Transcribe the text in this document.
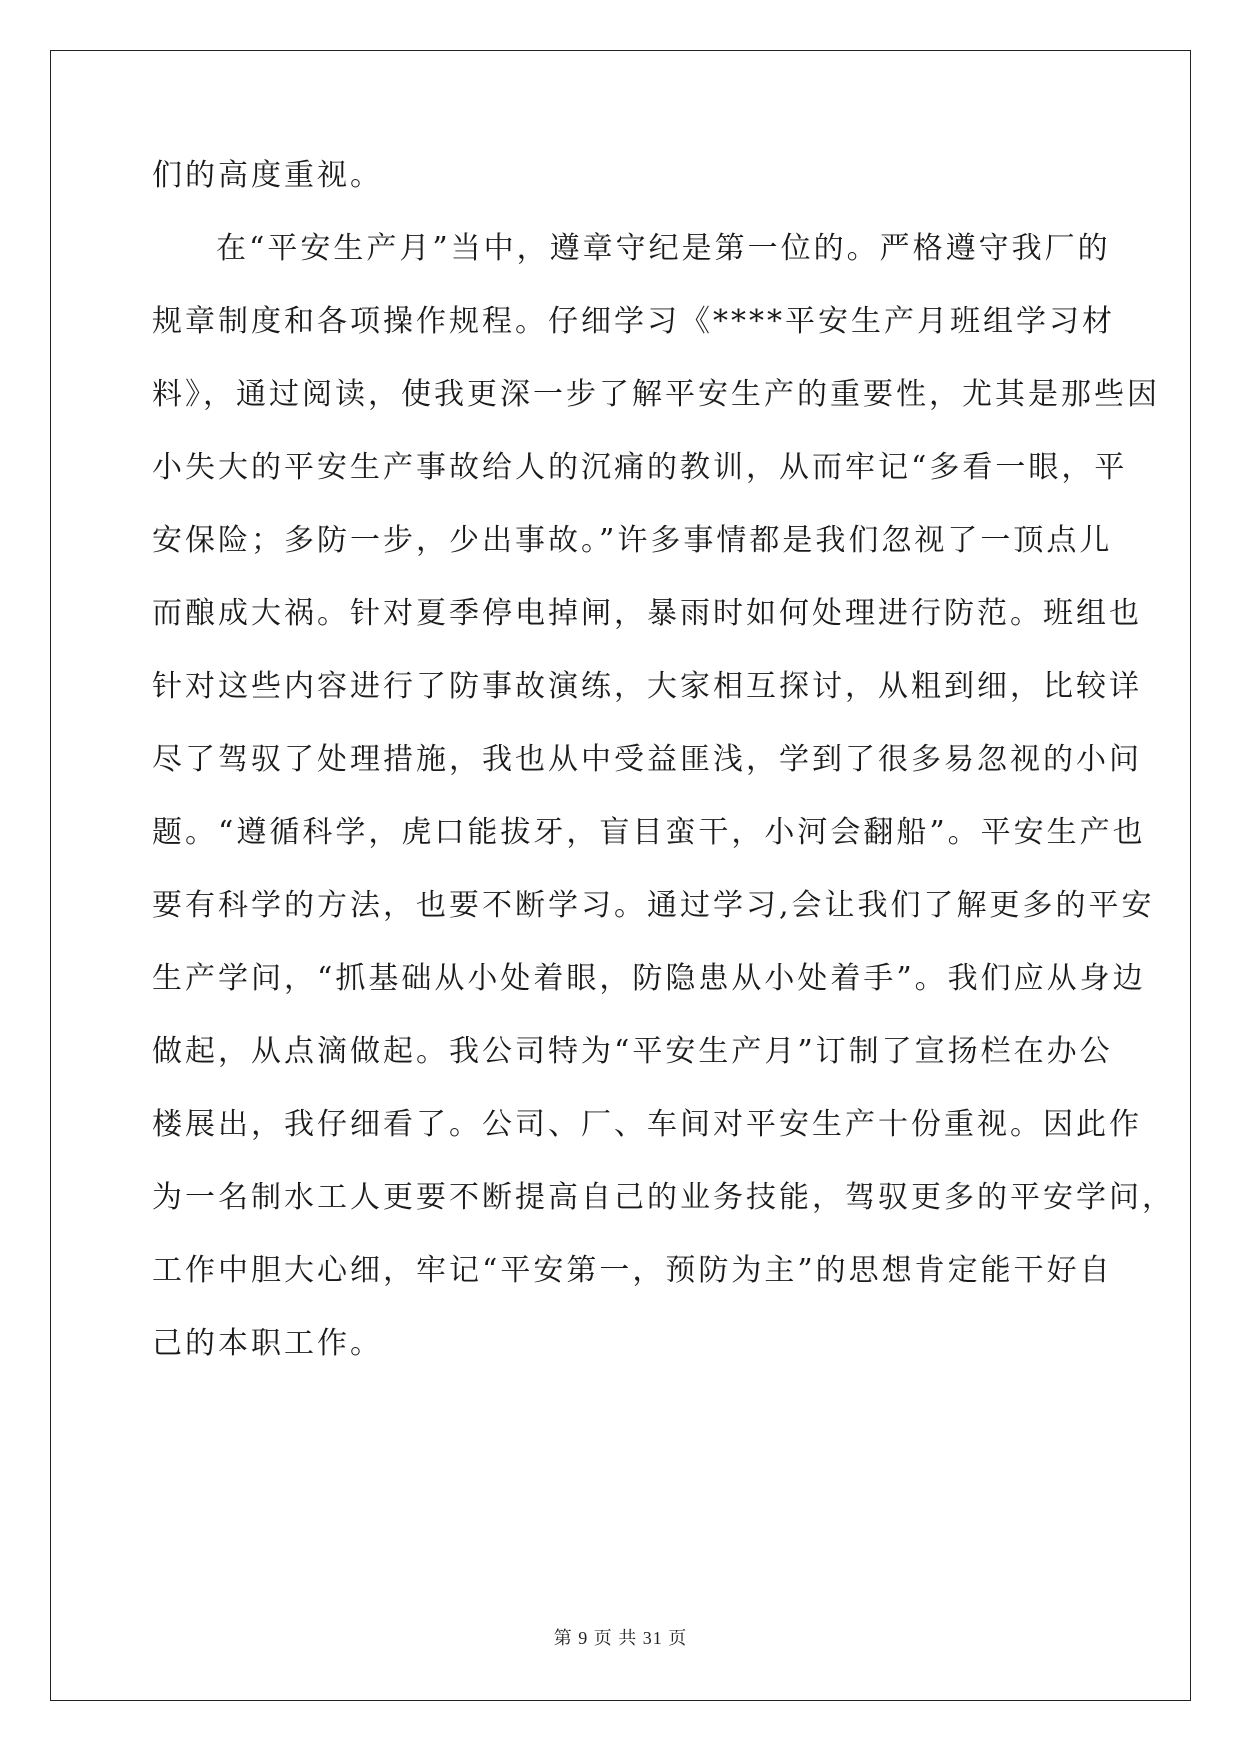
们的高度重视。
在“平安生产月”当中，遵章守纪是第一位的。严格遵守我厂的
规章制度和各项操作规程。仔细学习《****平安生产月班组学习材
料》，通过阅读，使我更深一步了解平安生产的重要性，尤其是那些因
小失大的平安生产事故给人的沉痛的教训，从而牢记“多看一眼，平
安保险；多防一步，少出事故。”许多事情都是我们忽视了一顶点儿
而酿成大祸。针对夏季停电掉闸，暴雨时如何处理进行防范。班组也
针对这些内容进行了防事故演练，大家相互探讨，从粗到细，比较详
尽了驾驭了处理措施，我也从中受益匪浅，学到了很多易忽视的小问
题。“遵循科学，虎口能拔牙，盲目蛮干，小河会翻船”。平安生产也
要有科学的方法，也要不断学习。通过学习,会让我们了解更多的平安
生产学问，“抓基础从小处着眼，防隐患从小处着手”。我们应从身边
做起，从点滴做起。我公司特为“平安生产月”订制了宣扬栏在办公
楼展出，我仔细看了。公司、厂、车间对平安生产十份重视。因此作
为一名制水工人更要不断提高自己的业务技能，驾驭更多的平安学问，
工作中胆大心细，牢记“平安第一，预防为主”的思想肯定能干好自
己的本职工作。
第 9 页 共 31 页
